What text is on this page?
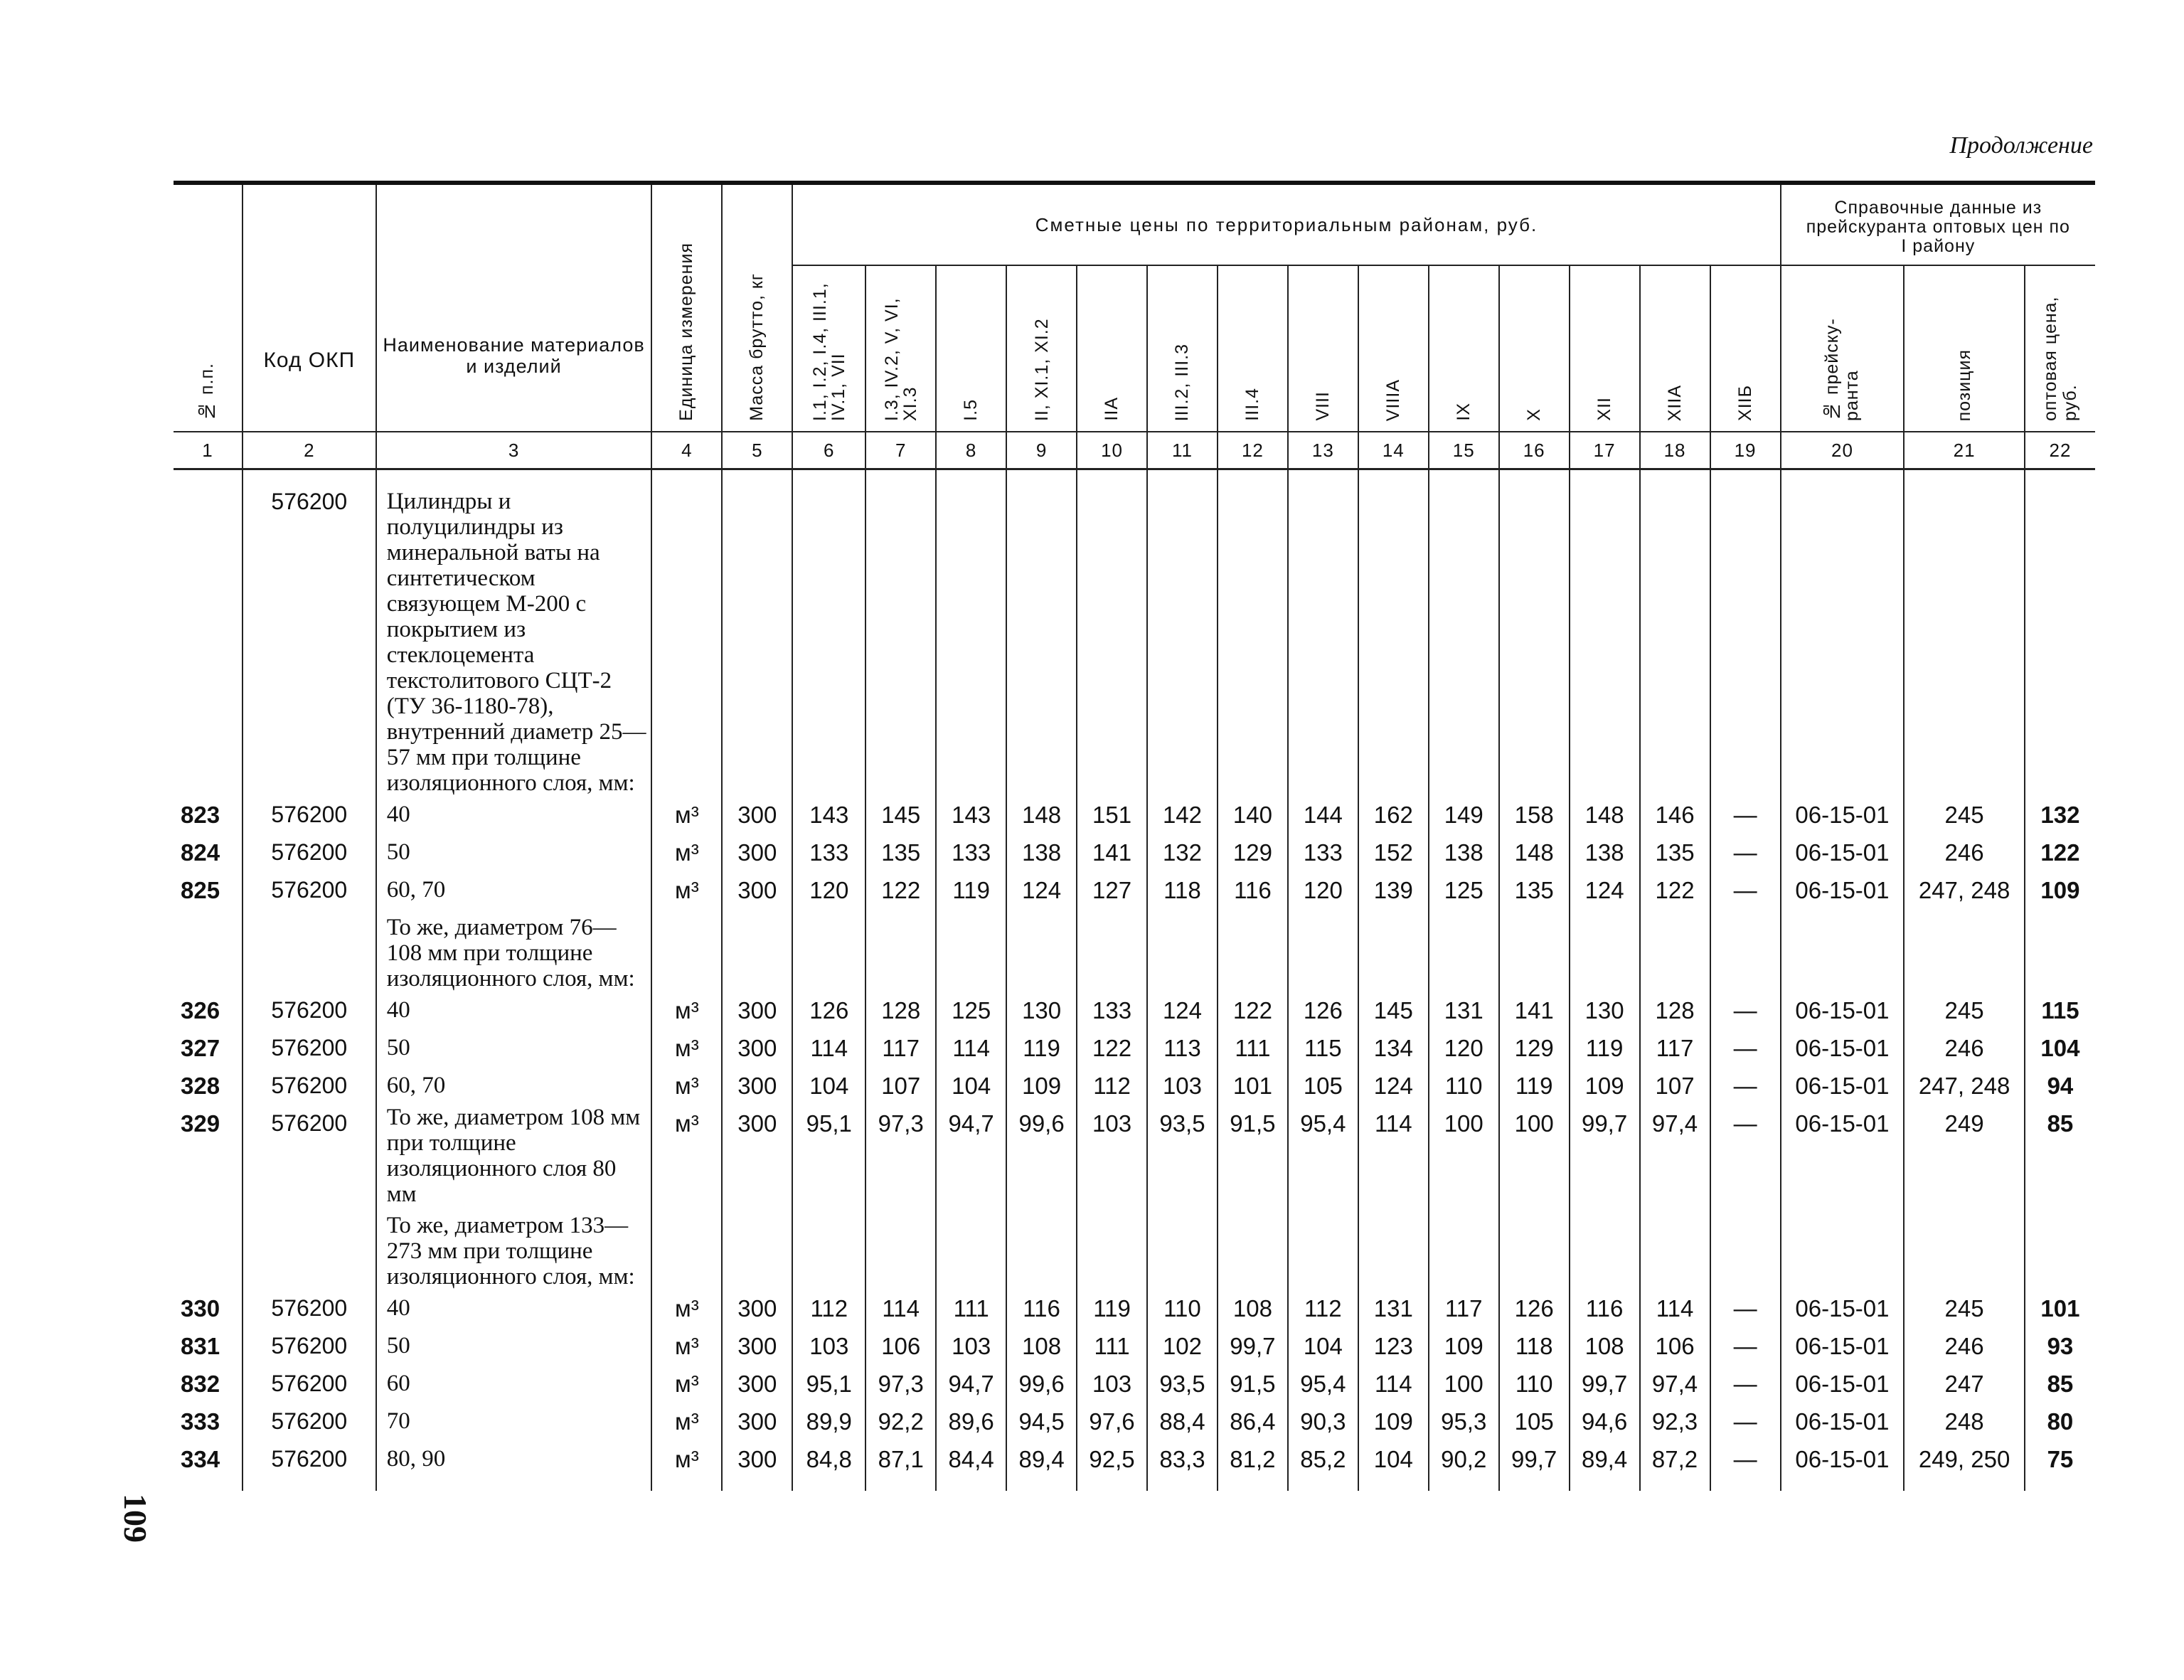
Продолжение
109
№ п.п.	Код ОКП	Наименование материалов и изделий	Единица измерения	Масса брутто, кг	Сметные цены по территориальным районам, руб.														Справочные данные из прейскуранта оптовых цен по I району		

					I.1, I.2, I.4, III.1, IV.1, VII	I.3, IV.2, V, VI, XI.3	I.5	II, XI.1, XI.2	IIA	III.2, III.3	III.4	VIII	VIIIA	IX	X	XII	XIIA	XIIБ	№ прейску-ранта	позиция	оптовая цена, руб.

1	2	3	4	5	6	7	8	9	10	11	12	13	14	15	16	17	18	19	20	21	22

	576200	Цилиндры и полуцилиндры из минеральной ваты на синтетическом связующем М-200 с покрытием из стеклоцемента текстолитового СЦТ-2 (ТУ 36-1180-78), внутренний диаметр 25—57 мм при толщине изоляционного слоя, мм:																			
823	576200	40	м³	300	143	145	143	148	151	142	140	144	162	149	158	148	146	—	06-15-01	245	132
824	576200	50	м³	300	133	135	133	138	141	132	129	133	152	138	148	138	135	—	06-15-01	246	122
825	576200	60, 70	м³	300	120	122	119	124	127	118	116	120	139	125	135	124	122	—	06-15-01	247, 248	109
		То же, диаметром 76—108 мм при толщине изоляционного слоя, мм:																			
326	576200	40	м³	300	126	128	125	130	133	124	122	126	145	131	141	130	128	—	06-15-01	245	115
327	576200	50	м³	300	114	117	114	119	122	113	111	115	134	120	129	119	117	—	06-15-01	246	104
328	576200	60, 70	м³	300	104	107	104	109	112	103	101	105	124	110	119	109	107	—	06-15-01	247, 248	94
329	576200	То же, диаметром 108 мм при толщине изоляционного слоя 80 мм	м³	300	95,1	97,3	94,7	99,6	103	93,5	91,5	95,4	114	100	100	99,7	97,4	—	06-15-01	249	85
		То же, диаметром 133—273 мм при толщине изоляционного слоя, мм:																			
330	576200	40	м³	300	112	114	111	116	119	110	108	112	131	117	126	116	114	—	06-15-01	245	101
831	576200	50	м³	300	103	106	103	108	111	102	99,7	104	123	109	118	108	106	—	06-15-01	246	93
832	576200	60	м³	300	95,1	97,3	94,7	99,6	103	93,5	91,5	95,4	114	100	110	99,7	97,4	—	06-15-01	247	85
333	576200	70	м³	300	89,9	92,2	89,6	94,5	97,6	88,4	86,4	90,3	109	95,3	105	94,6	92,3	—	06-15-01	248	80
334	576200	80, 90	м³	300	84,8	87,1	84,4	89,4	92,5	83,3	81,2	85,2	104	90,2	99,7	89,4	87,2	—	06-15-01	249, 250	75
